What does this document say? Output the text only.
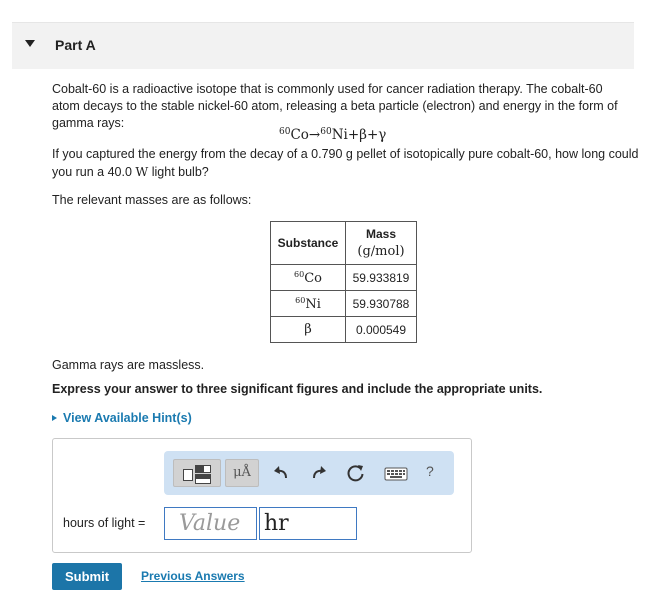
Part A
Cobalt-60 is a radioactive isotope that is commonly used for cancer radiation therapy. The cobalt-60 atom decays to the stable nickel-60 atom, releasing a beta particle (electron) and energy in the form of gamma rays:
$^{60}$Co→$^{60}$Ni+β+γ
If you captured the energy from the decay of a 0.790 g pellet of isotopically pure cobalt-60, how long could you run a 40.0 W light bulb?
The relevant masses are as follows:
Substance	Mass
(g/mol)

$^{60}$Co	59.933819
$^{60}$Ni	59.930788
β	0.000549
Gamma rays are massless.
Express your answer to three significant figures and include the appropriate units.
View Available Hint(s)
μÅ	?
hours of light =	Value	hr
Submit	Previous Answers
